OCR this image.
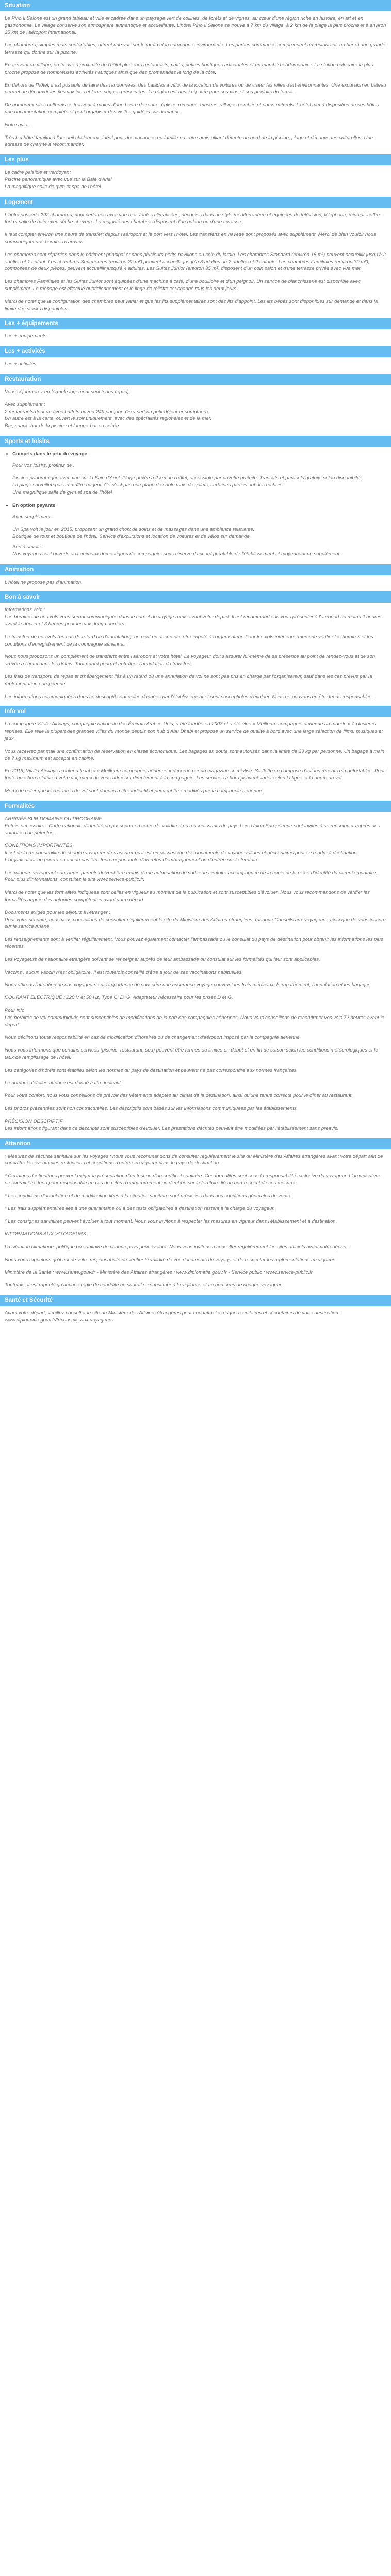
Situation

Le Pino Il Salone est un grand tableau et ville encadrée dans un paysage vert de collines, de forêts et de vignes, au cœur d'une région riche en histoire, en art et en gastronomie. Le village conserve son atmosphère authentique et accueillante. L'hôtel Pino Il Salone se trouve à 7 km du village, à 2 km de la plage la plus proche et à environ 35 km de l'aéroport international.

Les chambres, simples mais confortables, offrent une vue sur le jardin et la campagne environnante. Les parties communes comprennent un restaurant, un bar et une grande terrasse qui donne sur la piscine.

En arrivant au village, on trouve à proximité de l'hôtel plusieurs restaurants, cafés, petites boutiques artisanales et un marché hebdomadaire. La station balnéaire la plus proche propose de nombreuses activités nautiques ainsi que des promenades le long de la côte.

En dehors de l'hôtel, il est possible de faire des randonnées, des balades à vélo, de la location de voitures ou de visiter les villes d'art environnantes. Une excursion en bateau permet de découvrir les îles voisines et leurs criques préservées. La région est aussi réputée pour ses vins et ses produits du terroir.

De nombreux sites culturels se trouvent à moins d'une heure de route : églises romanes, musées, villages perchés et parcs naturels. L'hôtel met à disposition de ses hôtes une documentation complète et peut organiser des visites guidées sur demande.

Notre avis :

Très bel hôtel familial à l'accueil chaleureux, idéal pour des vacances en famille ou entre amis alliant détente au bord de la piscine, plage et découvertes culturelles. Une adresse de charme à recommander.

Les plus
Le cadre paisible et verdoyant
Piscine panoramique avec vue sur la Baie d'Ariel
La magnifique salle de gym et spa de l'hôtel
Logement

L'hôtel possède 292 chambres, dont certaines avec vue mer, toutes climatisées, décorées dans un style méditerranéen et équipées de télévision, téléphone, minibar, coffre-fort et salle de bain avec sèche-cheveux. La majorité des chambres disposent d'un balcon ou d'une terrasse.

Il faut compter environ une heure de transfert depuis l'aéroport et le port vers l'hôtel. Les transferts en navette sont proposés avec supplément. Merci de bien vouloir nous communiquer vos horaires d'arrivée.

Les chambres sont réparties dans le bâtiment principal et dans plusieurs petits pavillons au sein du jardin. Les chambres Standard (environ 18 m²) peuvent accueillir jusqu'à 2 adultes et 1 enfant. Les chambres Supérieures (environ 22 m²) peuvent accueillir jusqu'à 3 adultes ou 2 adultes et 2 enfants. Les chambres Familiales (environ 30 m²), composées de deux pièces, peuvent accueillir jusqu'à 4 adultes. Les Suites Junior (environ 35 m²) disposent d'un coin salon et d'une terrasse privée avec vue mer.

Les chambres Familiales et les Suites Junior sont équipées d'une machine à café, d'une bouilloire et d'un peignoir. Un service de blanchisserie est disponible avec supplément. Le ménage est effectué quotidiennement et le linge de toilette est changé tous les deux jours.

Merci de noter que la configuration des chambres peut varier et que les lits supplémentaires sont des lits d'appoint. Les lits bébés sont disponibles sur demande et dans la limite des stocks disponibles.

Les + équipements

Les + équipements

Les + activités

Les + activités

Restauration

Vous séjournerez en formule logement seul (sans repas).

Avec supplément :
2 restaurants dont un avec buffets ouvert 24h par jour. On y sert un petit déjeuner somptueux.
Un autre est à la carte, ouvert le soir uniquement, avec des spécialités régionales et de la mer.
Bar, snack, bar de la piscine et lounge-bar en soirée.
Sports et loisirs
• Compris dans le prix du voyage

Pour vos loisirs, profitez de :

Piscine panoramique avec vue sur la Baie d'Ariel. Plage privée à 2 km de l'hôtel, accessible par navette gratuite. Transats et parasols gratuits selon disponibilité.
La plage surveillée par un maître-nageur. Ce n'est pas une plage de sable mais de galets, certaines parties ont des rochers.
Une magnifique salle de gym et spa de l'hôtel
• En option payante

Avec supplément :

Un Spa voit le jour en 2015, proposant un grand choix de soins et de massages dans une ambiance relaxante.
Boutique de tous et boutique de l'hôtel. Service d'excursions et location de voitures et de vélos sur demande.
Bon à savoir :
Nos voyages sont ouverts aux animaux domestiques de compagnie, sous réserve d'accord préalable de l'établissement et moyennant un supplément.
Animation

L'hôtel ne propose pas d'animation.

Bon à savoir
Informations voix :

Les horaires de nos vols vous seront communiqués dans le carnet de voyage remis avant votre départ. Il est recommandé de vous présenter à l'aéroport au moins 2 heures avant le départ et 3 heures pour les vols long-courriers.

Le transfert de nos vols (en cas de retard ou d'annulation), ne peut en aucun cas être imputé à l'organisateur. Pour les vols intérieurs, merci de vérifier les horaires et les conditions d'enregistrement de la compagnie aérienne.

Nous nous proposons un complément de transferts entre l'aéroport et votre hôtel. Le voyageur doit s'assurer lui-même de sa présence au point de rendez-vous et de son arrivée à l'hôtel dans les délais. Tout retard pourrait entraîner l'annulation du transfert.

Les frais de transport, de repas et d'hébergement liés à un retard ou une annulation de vol ne sont pas pris en charge par l'organisateur, sauf dans les cas prévus par la réglementation européenne.

Les informations communiquées dans ce descriptif sont celles données par l'établissement et sont susceptibles d'évoluer. Nous ne pouvons en être tenus responsables.

Info vol

La compagnie Vitalia Airways, compagnie nationale des Émirats Arabes Unis, a été fondée en 2003 et a été élue « Meilleure compagnie aérienne au monde » à plusieurs reprises. Elle relie la plupart des grandes villes du monde depuis son hub d'Abu Dhabi et propose un service de qualité à bord avec une large sélection de films, musiques et jeux.

Vous recevrez par mail une confirmation de réservation en classe économique. Les bagages en soute sont autorisés dans la limite de 23 kg par personne. Un bagage à main de 7 kg maximum est accepté en cabine.

En 2015, Vitalia Airways a obtenu le label « Meilleure compagnie aérienne » décerné par un magazine spécialisé. Sa flotte se compose d'avions récents et confortables. Pour toute question relative à votre vol, merci de vous adresser directement à la compagnie. Les services à bord peuvent varier selon la ligne et la durée du vol.

Merci de noter que les horaires de vol sont donnés à titre indicatif et peuvent être modifiés par la compagnie aérienne.

Formalités
ARRIVÉE SUR DOMAINE DU PROCHAINE

Entrée nécessaire : Carte nationale d'identité ou passeport en cours de validité. Les ressortissants de pays hors Union Européenne sont invités à se renseigner auprès des autorités compétentes.

CONDITIONS IMPORTANTES

Il est de la responsabilité de chaque voyageur de s'assurer qu'il est en possession des documents de voyage valides et nécessaires pour se rendre à destination. L'organisateur ne pourra en aucun cas être tenu responsable d'un refus d'embarquement ou d'entrée sur le territoire.

Les mineurs voyageant sans leurs parents doivent être munis d'une autorisation de sortie de territoire accompagnée de la copie de la pièce d'identité du parent signataire. Pour plus d'informations, consultez le site www.service-public.fr.

Merci de noter que les formalités indiquées sont celles en vigueur au moment de la publication et sont susceptibles d'évoluer. Nous vous recommandons de vérifier les formalités auprès des autorités compétentes avant votre départ.

Documents exigés pour les séjours à l'étranger :

Pour votre sécurité, nous vous conseillons de consulter régulièrement le site du Ministère des Affaires étrangères, rubrique Conseils aux voyageurs, ainsi que de vous inscrire sur le service Ariane.

Les renseignements sont à vérifier régulièrement. Vous pouvez également contacter l'ambassade ou le consulat du pays de destination pour obtenir les informations les plus récentes.

Les voyageurs de nationalité étrangère doivent se renseigner auprès de leur ambassade ou consulat sur les formalités qui leur sont applicables.

Vaccins : aucun vaccin n'est obligatoire. Il est toutefois conseillé d'être à jour de ses vaccinations habituelles.

Nous attirons l'attention de nos voyageurs sur l'importance de souscrire une assurance voyage couvrant les frais médicaux, le rapatriement, l'annulation et les bagages.

COURANT ÉLECTRIQUE : 220 V et 50 Hz, Type C, D, G. Adaptateur nécessaire pour les prises D et G.

Pour info

Les horaires de vol communiqués sont susceptibles de modifications de la part des compagnies aériennes. Nous vous conseillons de reconfirmer vos vols 72 heures avant le départ.

Nous déclinons toute responsabilité en cas de modification d'horaires ou de changement d'aéroport imposé par la compagnie aérienne.

Nous vous informons que certains services (piscine, restaurant, spa) peuvent être fermés ou limités en début et en fin de saison selon les conditions météorologiques et le taux de remplissage de l'hôtel.

Les catégories d'hôtels sont établies selon les normes du pays de destination et peuvent ne pas correspondre aux normes françaises.

Le nombre d'étoiles attribué est donné à titre indicatif.

Pour votre confort, nous vous conseillons de prévoir des vêtements adaptés au climat de la destination, ainsi qu'une tenue correcte pour le dîner au restaurant.

Les photos présentées sont non contractuelles. Les descriptifs sont basés sur les informations communiquées par les établissements.

PRÉCISION DESCRIPTIF

Les informations figurant dans ce descriptif sont susceptibles d'évoluer. Les prestations décrites peuvent être modifiées par l'établissement sans préavis.

Attention

* Mesures de sécurité sanitaire sur les voyages : nous vous recommandons de consulter régulièrement le site du Ministère des Affaires étrangères avant votre départ afin de connaître les éventuelles restrictions et conditions d'entrée en vigueur dans le pays de destination.

* Certaines destinations peuvent exiger la présentation d'un test ou d'un certificat sanitaire. Ces formalités sont sous la responsabilité exclusive du voyageur. L'organisateur ne saurait être tenu pour responsable en cas de refus d'embarquement ou d'entrée sur le territoire lié au non-respect de ces mesures.

* Les conditions d'annulation et de modification liées à la situation sanitaire sont précisées dans nos conditions générales de vente.

* Les frais supplémentaires liés à une quarantaine ou à des tests obligatoires à destination restent à la charge du voyageur.

* Les consignes sanitaires peuvent évoluer à tout moment. Nous vous invitons à respecter les mesures en vigueur dans l'établissement et à destination.

INFORMATIONS AUX VOYAGEURS :

La situation climatique, politique ou sanitaire de chaque pays peut évoluer. Nous vous invitons à consulter régulièrement les sites officiels avant votre départ.

Nous vous rappelons qu'il est de votre responsabilité de vérifier la validité de vos documents de voyage et de respecter les réglementations en vigueur.

Ministère de la Santé : www.sante.gouv.fr - Ministère des Affaires étrangères : www.diplomatie.gouv.fr - Service public : www.service-public.fr

Toutefois, il est rappelé qu'aucune régle de conduite ne saurait se substituer à la vigilance et au bon sens de chaque voyageur.

Santé et Sécurité

Avant votre départ, veuillez consulter le site du Ministère des Affaires étrangères pour connaître les risques sanitaires et sécuritaires de votre destination : www.diplomatie.gouv.fr/fr/conseils-aux-voyageurs
